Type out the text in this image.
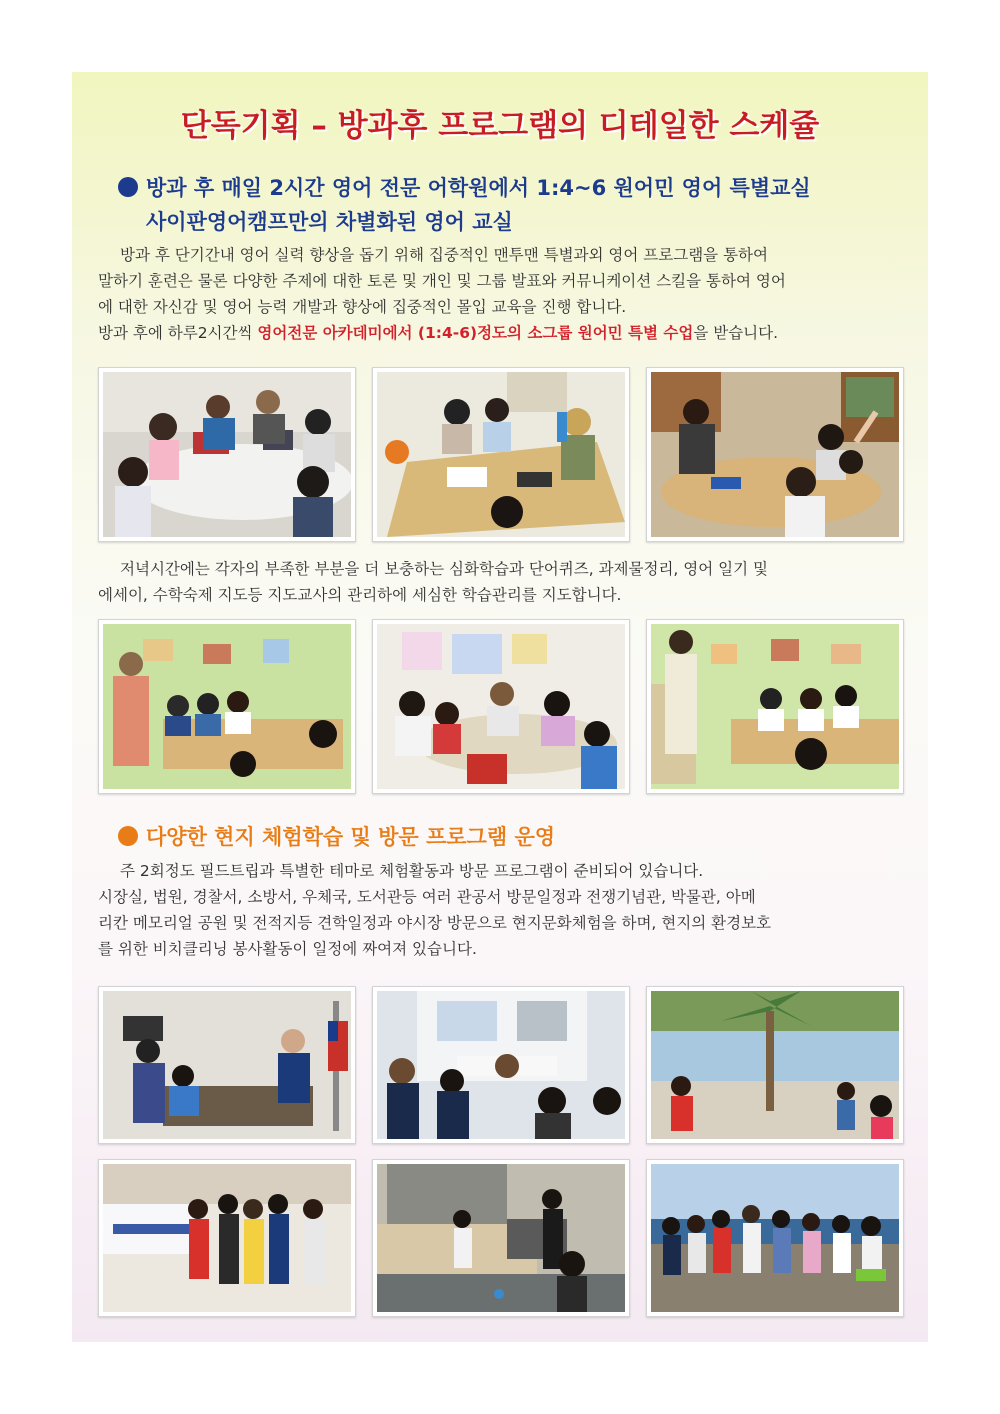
단독기획 – 방과후 프로그램의 디테일한 스케쥴
방과 후 매일 2시간 영어 전문 어학원에서 1:4~6 원어민 영어 특별교실
사이판영어캠프만의 차별화된 영어 교실

방과 후 단기간내 영어 실력 향상을 돕기 위해 집중적인 맨투맨 특별과외 영어 프로그램을 통하여

말하기 훈련은 물론 다양한 주제에 대한 토론 및 개인 및 그룹 발표와 커뮤니케이션 스킬을 통하여 영어

에 대한 자신감 및 영어 능력 개발과 향상에 집중적인 몰입 교육을 진행 합니다.

방과 후에 하루2시간씩 영어전문 아카데미에서 (1:4-6)정도의 소그룹 원어민 특별 수업을 받습니다.

저녁시간에는 각자의 부족한 부분을 더 보충하는 심화학습과 단어퀴즈, 과제물정리, 영어 일기 및

에세이, 수학숙제 지도등 지도교사의 관리하에 세심한 학습관리를 지도합니다.

다양한 현지 체험학습 및 방문 프로그램 운영

주 2회정도 필드트립과 특별한 테마로 체험활동과 방문 프로그램이 준비되어 있습니다.

시장실, 법원, 경찰서, 소방서, 우체국, 도서관등 여러 관공서 방문일정과 전쟁기념관, 박물관, 아메

리칸 메모리얼 공원 및 전적지등 견학일정과 야시장 방문으로 현지문화체험을 하며, 현지의 환경보호

를 위한 비치클리닝 봉사활동이 일정에 짜여져 있습니다.
